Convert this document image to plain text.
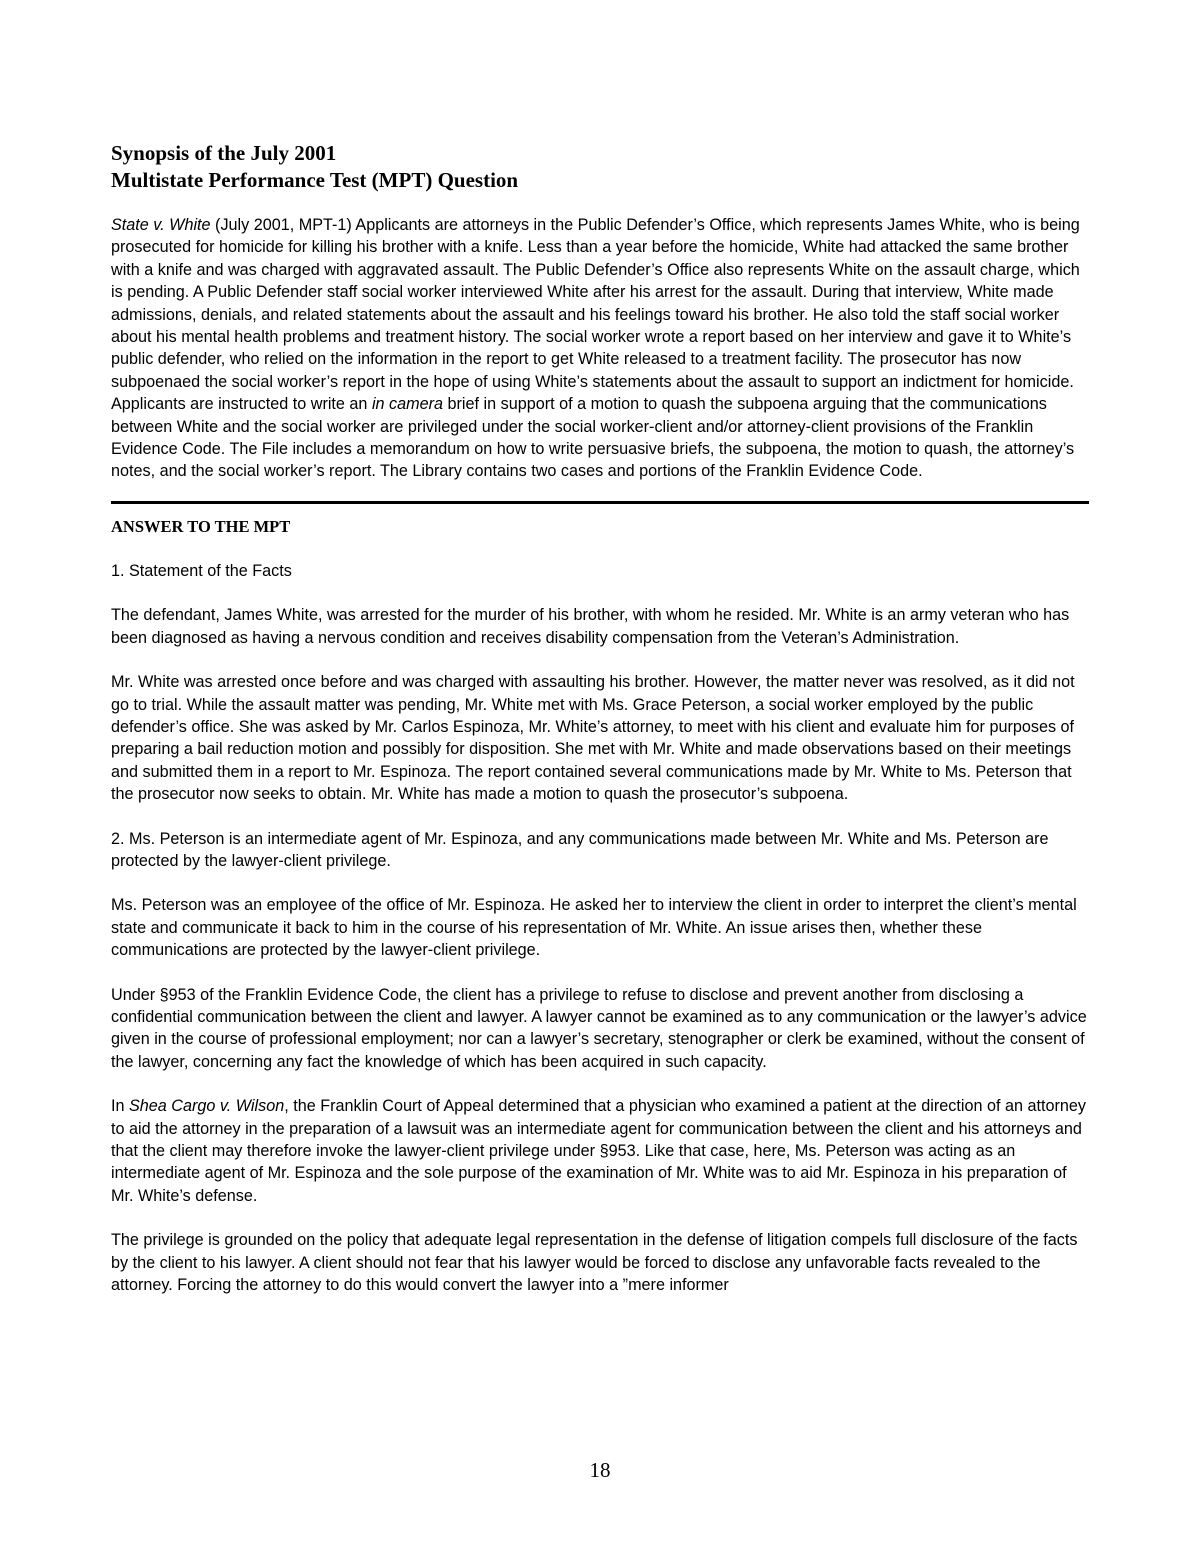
Synopsis of the July 2001
Multistate Performance Test (MPT) Question

State v. White (July 2001, MPT-1) Applicants are attorneys in the Public Defender’s Office, which represents James White, who is being prosecuted for homicide for killing his brother with a knife. Less than a year before the homicide, White had attacked the same brother with a knife and was charged with aggravated assault. The Public Defender’s Office also represents White on the assault charge, which is pending. A Public Defender staff social worker interviewed White after his arrest for the assault. During that interview, White made admissions, denials, and related statements about the assault and his feelings toward his brother. He also told the staff social worker about his mental health problems and treatment history. The social worker wrote a report based on her interview and gave it to White’s public defender, who relied on the information in the report to get White released to a treatment facility. The prosecutor has now subpoenaed the social worker’s report in the hope of using White’s statements about the assault to support an indictment for homicide. Applicants are instructed to write an in camera brief in support of a motion to quash the subpoena arguing that the communications between White and the social worker are privileged under the social worker-client and/or attorney-client provisions of the Franklin Evidence Code. The File includes a memorandum on how to write persuasive briefs, the subpoena, the motion to quash, the attorney’s notes, and the social worker’s report. The Library contains two cases and portions of the Franklin Evidence Code.

ANSWER TO THE MPT

1. Statement of the Facts

The defendant, James White, was arrested for the murder of his brother, with whom he resided. Mr. White is an army veteran who has been diagnosed as having a nervous condition and receives disability compensation from the Veteran’s Administration.

Mr. White was arrested once before and was charged with assaulting his brother. However, the matter never was resolved, as it did not go to trial. While the assault matter was pending, Mr. White met with Ms. Grace Peterson, a social worker employed by the public defender’s office. She was asked by Mr. Carlos Espinoza, Mr. White’s attorney, to meet with his client and evaluate him for purposes of preparing a bail reduction motion and possibly for disposition. She met with Mr. White and made observations based on their meetings and submitted them in a report to Mr. Espinoza. The report contained several communications made by Mr. White to Ms. Peterson that the prosecutor now seeks to obtain. Mr. White has made a motion to quash the prosecutor’s subpoena.

2. Ms. Peterson is an intermediate agent of Mr. Espinoza, and any communications made between Mr. White and Ms. Peterson are protected by the lawyer-client privilege.

Ms. Peterson was an employee of the office of Mr. Espinoza. He asked her to interview the client in order to interpret the client’s mental state and communicate it back to him in the course of his representation of Mr. White. An issue arises then, whether these communications are protected by the lawyer-client privilege.

Under §953 of the Franklin Evidence Code, the client has a privilege to refuse to disclose and prevent another from disclosing a confidential communication between the client and lawyer. A lawyer cannot be examined as to any communication or the lawyer’s advice given in the course of professional employment; nor can a lawyer’s secretary, stenographer or clerk be examined, without the consent of the lawyer, concerning any fact the knowledge of which has been acquired in such capacity.

In Shea Cargo v. Wilson, the Franklin Court of Appeal determined that a physician who examined a patient at the direction of an attorney to aid the attorney in the preparation of a lawsuit was an intermediate agent for communication between the client and his attorneys and that the client may therefore invoke the lawyer-client privilege under §953. Like that case, here, Ms. Peterson was acting as an intermediate agent of Mr. Espinoza and the sole purpose of the examination of Mr. White was to aid Mr. Espinoza in his preparation of Mr. White’s defense.

The privilege is grounded on the policy that adequate legal representation in the defense of litigation compels full disclosure of the facts by the client to his lawyer. A client should not fear that his lawyer would be forced to disclose any unfavorable facts revealed to the attorney. Forcing the attorney to do this would convert the lawyer into a ”mere informer

18
